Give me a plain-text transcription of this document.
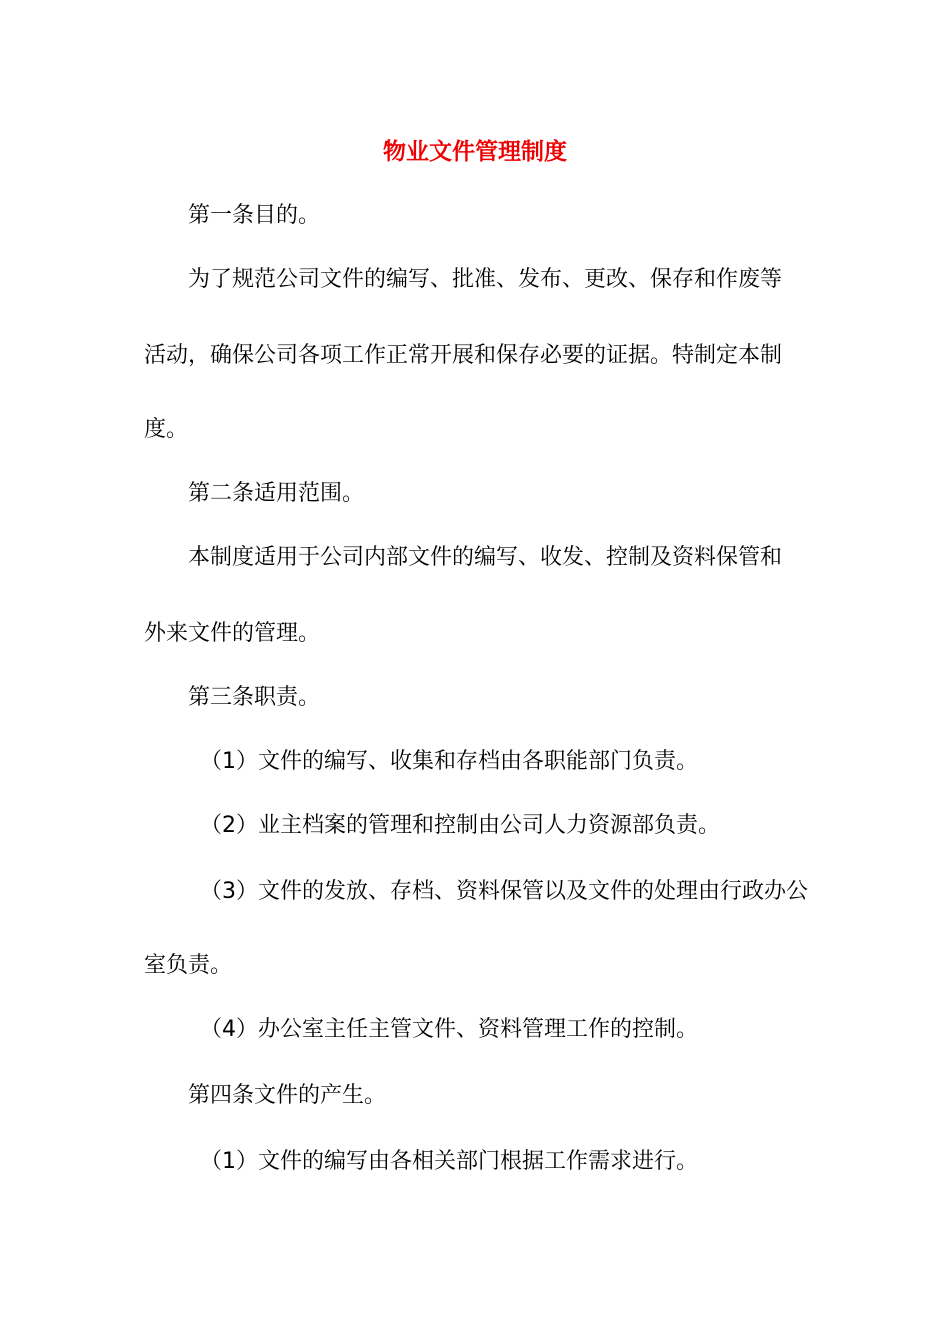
物业文件管理制度
第一条目的。
为了规范公司文件的编写、批准、发布、更改、保存和作废等
活动，确保公司各项工作正常开展和保存必要的证据。特制定本制
度。
第二条适用范围。
本制度适用于公司内部文件的编写、收发、控制及资料保管和
外来文件的管理。
第三条职责。
（1）文件的编写、收集和存档由各职能部门负责。
（2）业主档案的管理和控制由公司人力资源部负责。
（3）文件的发放、存档、资料保管以及文件的处理由行政办公
室负责。
（4）办公室主任主管文件、资料管理工作的控制。
第四条文件的产生。
（1）文件的编写由各相关部门根据工作需求进行。
